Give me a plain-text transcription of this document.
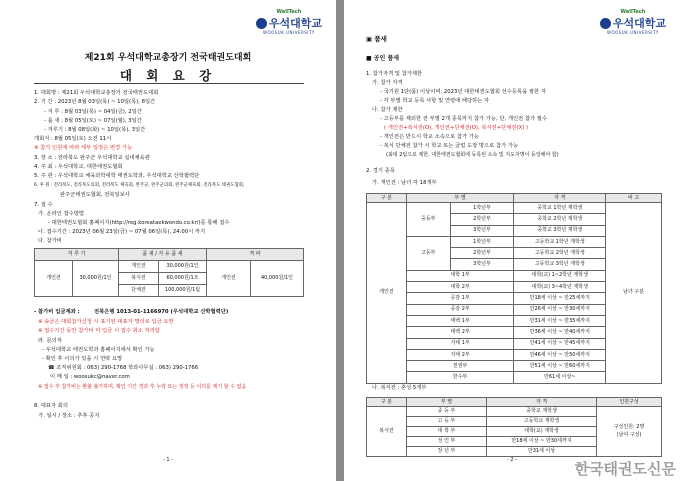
WellTech
우석대학교
WOOSUK UNIVERSITY
제21회 우석대학교총장기 전국태권도대회
대 회 요 강
1. 대회명 : 제21회 우석대학교총장기 전국태권도대회
2. 기 간 : 2023년 8월 03일(목) ~ 10일(목), 8일간
- 겨 루 : 8월 03일(목) ~ 04일(금), 2일간
- 품 새 : 8월 05일(토) ~ 07일(월), 3일간
- 겨루기 : 8월 08일(화) ~ 10일(목), 3일간
개회식 : 8월 05일(토) 오전 11시
※ 참가 인원에 따라 세부 일정은 변경 가능
3. 장 소 : 전라북도 완주군 우석대학교 실내체육관
4. 주 최 : 우석대학교, 대한태권도협회
5. 주 관 : 우석대학교 체육과학대학 태권도학과, 우석대학교 산학협력단
6. 후 원 : 전라북도, 전라북도의회, 전라북도 체육회, 완주군, 완주군의회, 완주군체육회, 전라북도 태권도협회,
완주군태권도협회, 전북일보사
7. 접 수
가. 온라인 접수방법
- 대한태권도협회 홈페이지(http://reg.koreataekwondo.co.kr/)를 통해 접수
나. 접수기간 : 2023년 06월 23일(금) ~ 07월 06일(목), 24:00시 까지
다. 참가비
겨 루 기		품 새 / 자 유 품 새		격 파	
개인전	30,000원/1인	개인전	30,000원/1인	개인전	40,000원/1인
		복식전	60,000원/1조		
		단체전	100,000원/1팀		
- 참가비 입금계좌 :	전북은행 1013-01-1166970 (우석대학교 산학협력단)
※ 송금은 대회참가신청 시 표기된 대표자 명의로 입금 요망
※ 접수기간 동안 참가비 미 입금 시 접수 취소 처리함
라. 문의처
- 우석대학교 태권도학과 홈페이지에서 확인 가능
- 확인 후 이의가 있을 시 연락 요망
☎ 조직위원회 : 063) 290-1768 학과사무실 : 063) 290-1766
이 메 일 : woosukc@naver.com
※ 접수 후 참가비는 환불 불가하며, 확인 기간 경과 후 누락 또는 정정 등 이의를 제기 할 수 없음
8. 대표자 회의
가. 일시 / 장소 : 추후 공지
- 1 -
WellTech
우석대학교
WOOSUK UNIVERSITY
▣ 품새
■ 공인 품새
1. 참가자격 및 참가제한
가. 참가 자격
- 국기원 1단(품) 이상이며, 2023년 대한태권도협회 선수등록을 필한 자
- 각 부별 학교 등록 사항 및 연령에 해당하는 자
나. 참가 제한
- 고등부를 제외한 전 부별 2개 종목까지 참가 가능, 단, 개인전 참가 필수
( 개인전+복식전(O), 개인전+단체전(O), 복식전+단체전(X) )
- 개인전은 반드시 학교 소속으로 참가 가능
- 복식 단체전 참가 시 학교 또는 클럽 도장 명으로 참가 가능
(최대 2팀으로 제한, 대한태권도협회에 등록된 소속 및 지도자명이 동일해야 함)
2. 경기 종목
가. 개인전 : 남녀 각 18개부
구 분	부 별		자 격	비 고
개인전	중등부	1학년부	중학교 1학년 재학생	남녀 구분
		2학년부	중학교 2학년 재학생	
		3학년부	중학교 3학년 재학생	
	고등부	1학년부	고등학교 1학년 재학생	
		2학년부	고등학교 2학년 재학생	
		3학년부	고등학교 3학년 재학생	
	대학 1부		대학(교) 1~2학년 재학생	
	대학 2부		대학(교) 3~4학년 재학생	
	공감 1부		만18세 이상 ~ 만25세까지	
	공감 2부		만26세 이상 ~ 만30세까지	
	태백 1부		만31세 이상 ~ 만35세까지	
	태백 2부		만36세 이상 ~ 만40세까지	
	지태 1부		만41세 이상 ~ 만45세까지	
	지태 2부		만46세 이상 ~ 만50세까지	
	천권부		만51세 이상 ~ 만60세까지	
	한수부		만61세 이상~	
나. 복식전 : 혼성 5개부
구 분	부 별	자 격	인원구성
복식전	중 등 부	중학교 재학생	구성인원: 2명
(남여 구성)
	고 등 부	고등학교 재학생	
	대 학 부	대학(교) 재학생	
	성 인 부	만18세 이상 ~ 만30세까지	
	장 년 부	만31세 이상	
- 2 -	한국태권도신문
